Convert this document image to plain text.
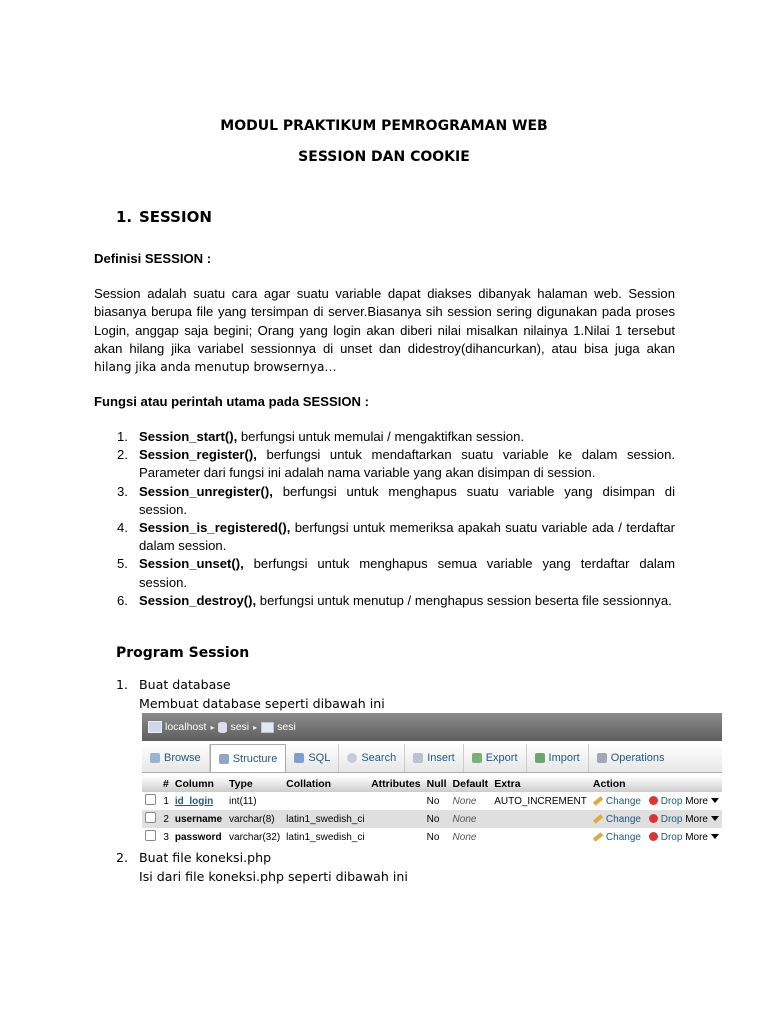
MODUL PRAKTIKUM PEMROGRAMAN WEB
SESSION DAN COOKIE
1. SESSION
Definisi SESSION :
Session adalah suatu cara agar suatu variable dapat diakses dibanyak halaman web. Session
biasanya berupa file yang tersimpan di server.Biasanya sih session sering digunakan pada proses
Login, anggap saja begini; Orang yang login akan diberi nilai misalkan nilainya 1.Nilai 1 tersebut
akan hilang jika variabel sessionnya di unset dan didestroy(dihancurkan), atau bisa juga akan
hilang jika anda menutup browsernya…
Fungsi atau perintah utama pada SESSION :
1. Session_start(), berfungsi untuk memulai / mengaktifkan session.
2. Session_register(), berfungsi untuk mendaftarkan suatu variable ke dalam session. Parameter dari fungsi ini adalah nama variable yang akan disimpan di session.
3. Session_unregister(), berfungsi untuk menghapus suatu variable yang disimpan di session.
4. Session_is_registered(), berfungsi untuk memeriksa apakah suatu variable ada / terdaftar dalam session.
5. Session_unset(), berfungsi untuk menghapus semua variable yang terdaftar dalam session.
6. Session_destroy(), berfungsi untuk menutup / menghapus session beserta file sessionnya.
Program Session
1. Buat database
Membuat database seperti dibawah ini
localhost ▸ sesi ▸ sesi
Browse	Structure	SQL	Search	Insert	Export	Import	Operations
	#	Column	Type	Collation	Attributes	Null	Default	Extra	Action
	1	id_login	int(11)			No	None	AUTO_INCREMENT	Change Drop More
	2	username	varchar(8)	latin1_swedish_ci		No	None		Change Drop More
	3	password	varchar(32)	latin1_swedish_ci		No	None		Change Drop More
2. Buat file koneksi.php
Isi dari file koneksi.php seperti dibawah ini
